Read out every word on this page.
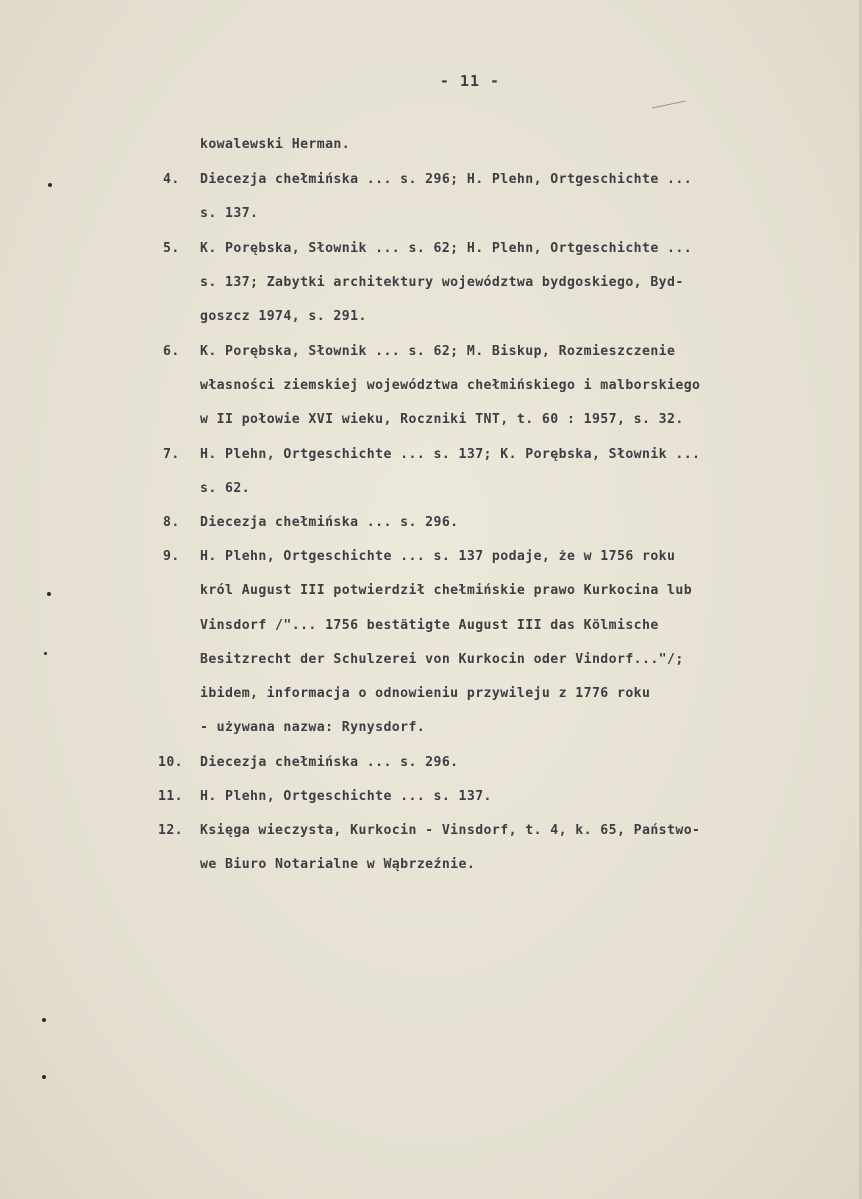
- 11 -
kowalewski Herman.
4. Diecezja chełmińska ... s. 296; H. Plehn, Ortgeschichte ...
s. 137.
5. K. Porębska, Słownik ... s. 62; H. Plehn, Ortgeschichte ...
s. 137; Zabytki architektury województwa bydgoskiego, Byd-
goszcz 1974, s. 291.
6. K. Porębska, Słownik ... s. 62; M. Biskup, Rozmieszczenie
własności ziemskiej województwa chełmińskiego i malborskiego
w II połowie XVI wieku, Roczniki TNT, t. 60 : 1957, s. 32.
7. H. Plehn, Ortgeschichte ... s. 137; K. Porębska, Słownik ...
s. 62.
8. Diecezja chełmińska ... s. 296.
9. H. Plehn, Ortgeschichte ... s. 137 podaje, że w 1756 roku
król August III potwierdził chełmińskie prawo Kurkocina lub
Vinsdorf /"... 1756 bestätigte August III das Kölmische
Besitzrecht der Schulzerei von Kurkocin oder Vindorf..."/;
ibidem, informacja o odnowieniu przywileju z 1776 roku
- używana nazwa: Rynysdorf.
10. Diecezja chełmińska ... s. 296.
11. H. Plehn, Ortgeschichte ... s. 137.
12. Księga wieczysta, Kurkocin - Vinsdorf, t. 4, k. 65, Państwo-
we Biuro Notarialne w Wąbrzeźnie.
